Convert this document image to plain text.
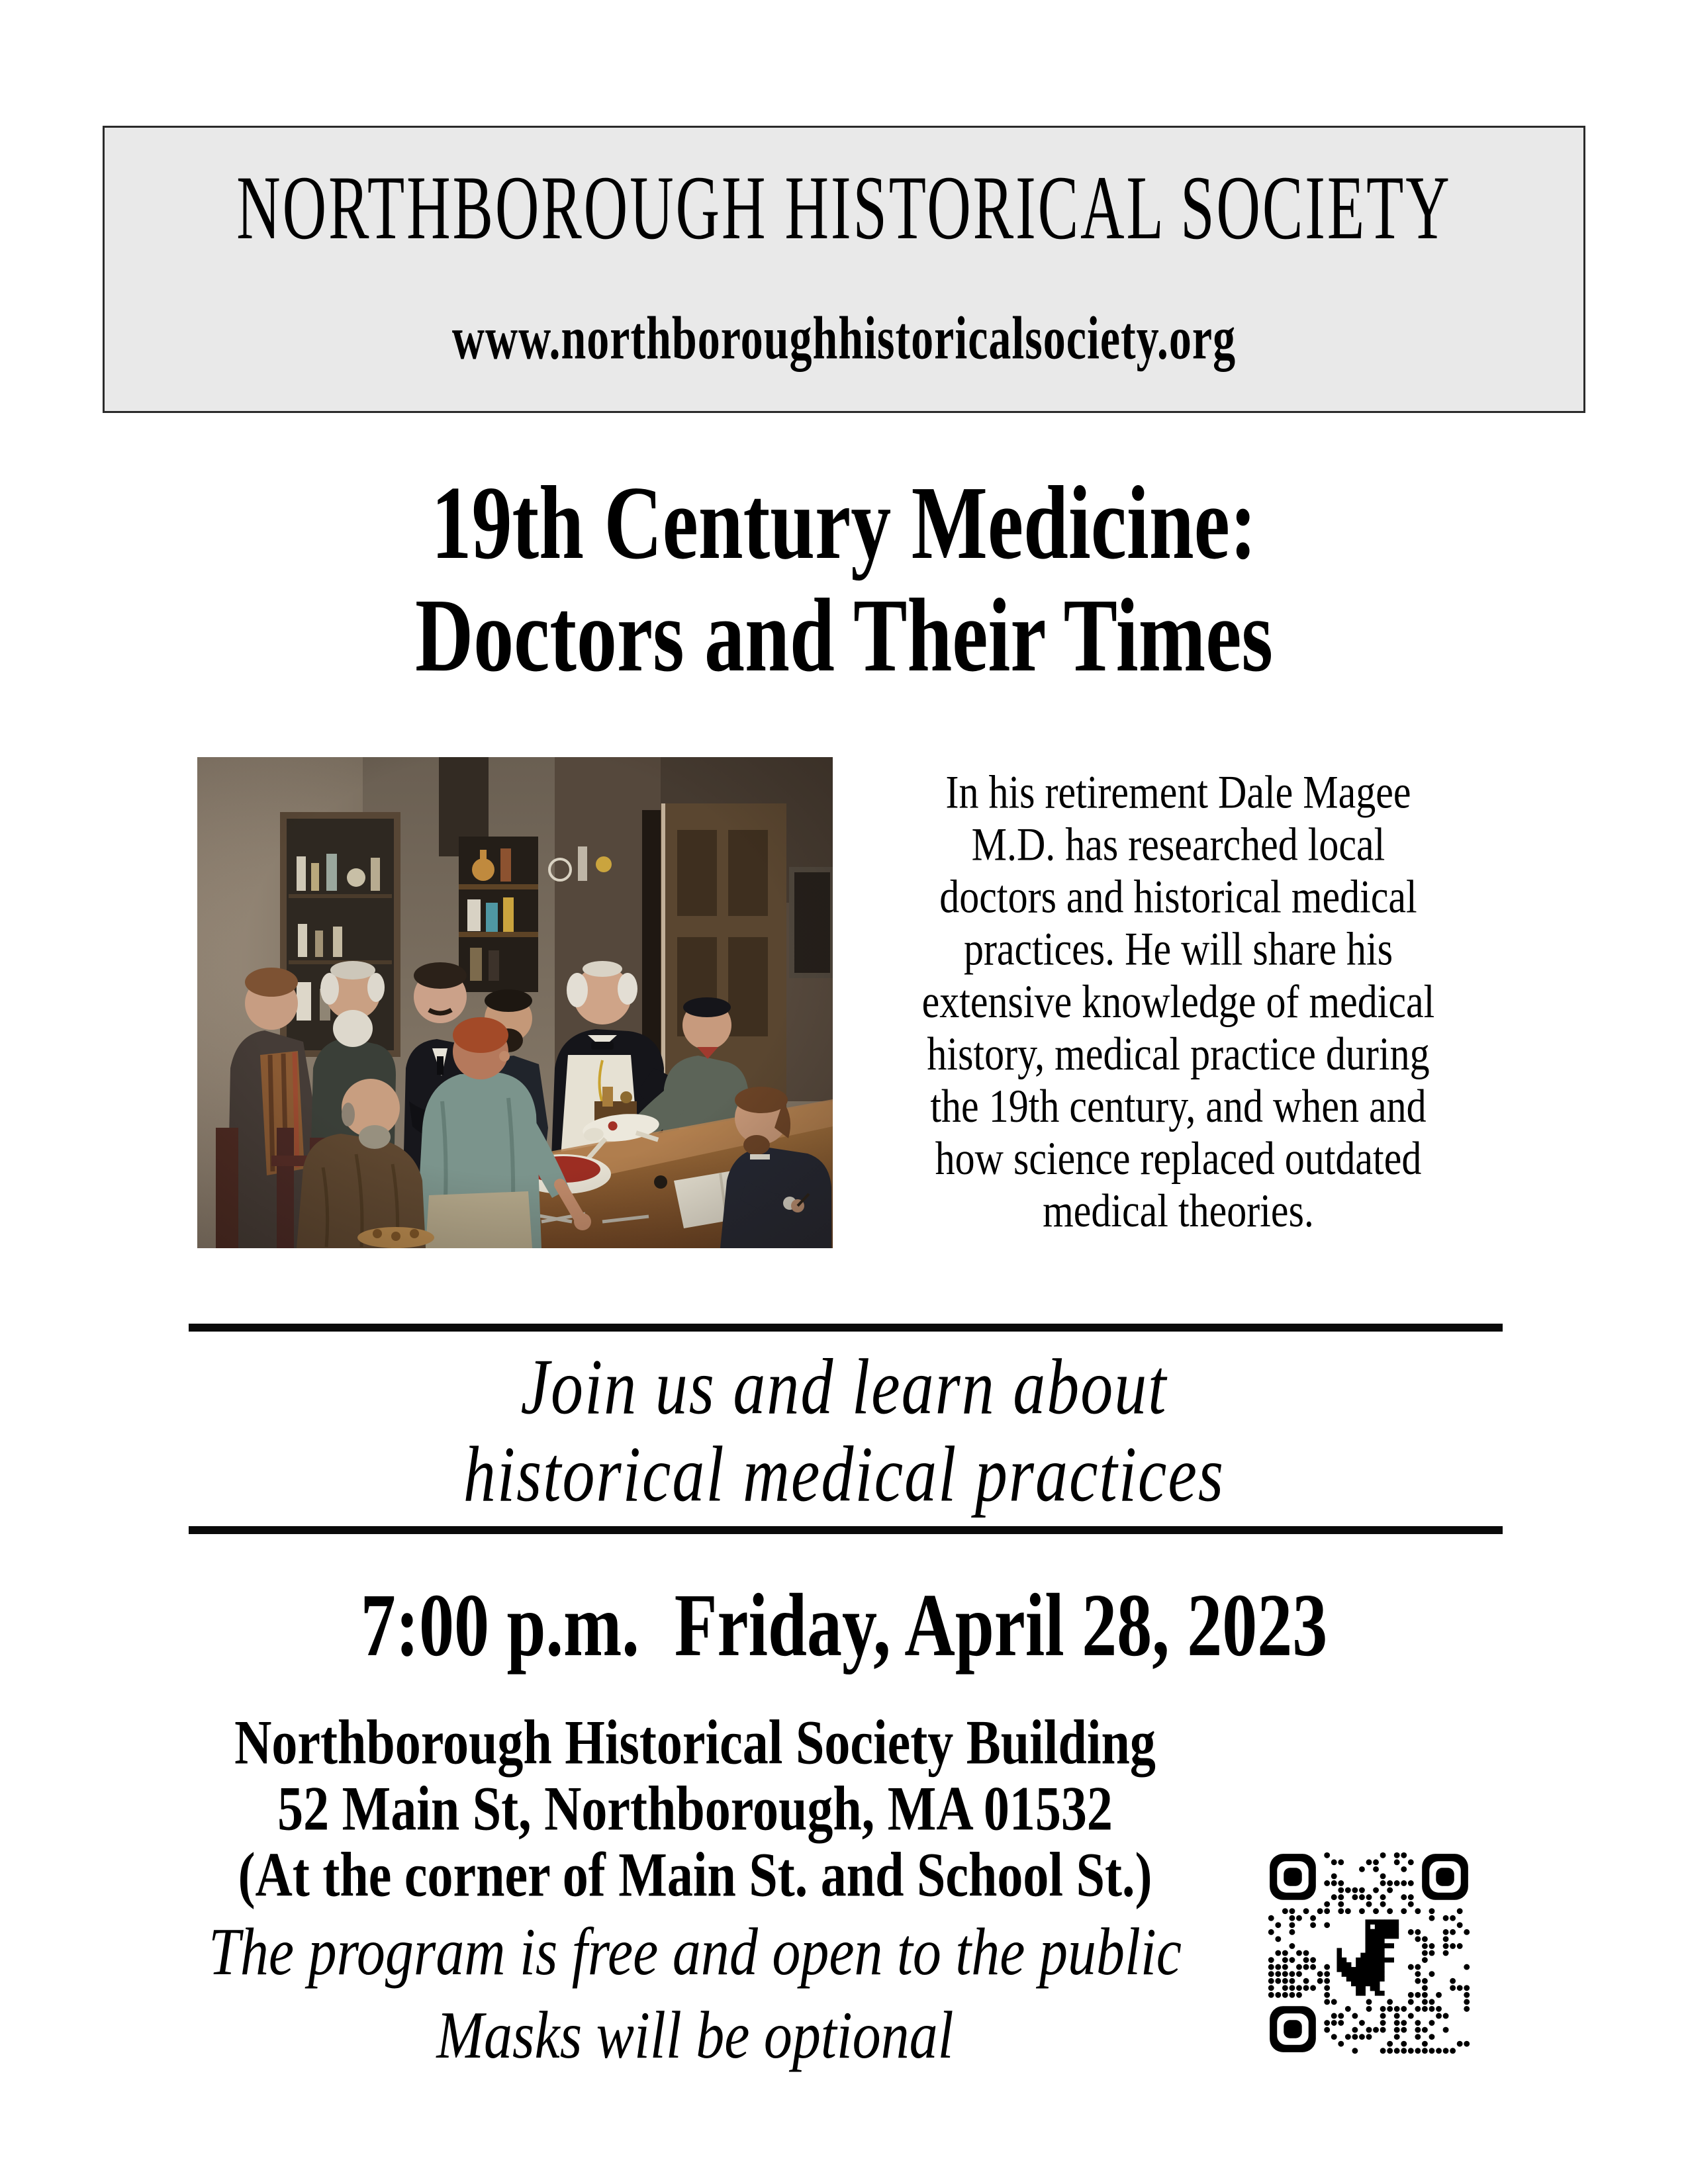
NORTHBOROUGH HISTORICAL SOCIETY
www.northboroughhistoricalsociety.org
19th Century Medicine:
Doctors and Their Times
In his retirement Dale Magee
M.D. has researched local
doctors and historical medical
practices. He will share his
extensive knowledge of medical
history, medical practice during
the 19th century, and when and
how science replaced outdated
medical theories.
Join us and learn about
historical medical practices
7:00 p.m.  Friday, April 28, 2023
Northborough Historical Society Building
52 Main St, Northborough, MA 01532
(At the corner of Main St. and School St.)
The program is free and open to the public
Masks will be optional
